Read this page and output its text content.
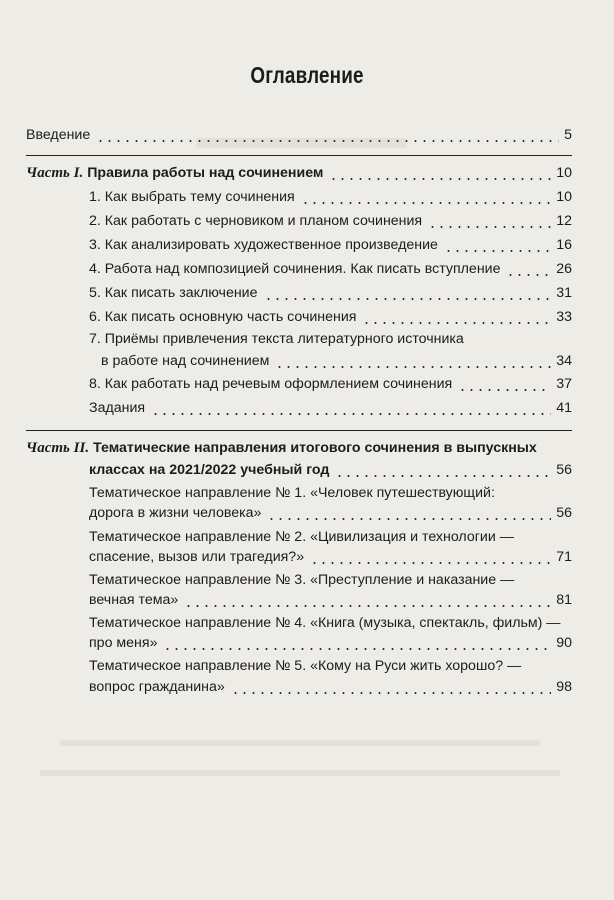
Оглавление
Введение	5
Часть I. Правила работы над сочинением	10
1. Как выбрать тему сочинения	10
2. Как работать с черновиком и планом сочинения	12
3. Как анализировать художественное произведение	16
4. Работа над композицией сочинения. Как писать вступление	26
5. Как писать заключение	31
6. Как писать основную часть сочинения	33
7. Приёмы привлечения текста литературного источника
в работе над сочинением	34
8. Как работать над речевым оформлением сочинения	37
Задания	41
Часть II. Тематические направления итогового сочинения в выпускных
классах на 2021/2022 учебный год	56
Тематическое направление № 1. «Человек путешествующий:
дорога в жизни человека»	56
Тематическое направление № 2. «Цивилизация и технологии —
спасение, вызов или трагедия?»	71
Тематическое направление № 3. «Преступление и наказание —
вечная тема»	81
Тематическое направление № 4. «Книга (музыка, спектакль, фильм) —
про меня»	90
Тематическое направление № 5. «Кому на Руси жить хорошо? —
вопрос гражданина»	98
